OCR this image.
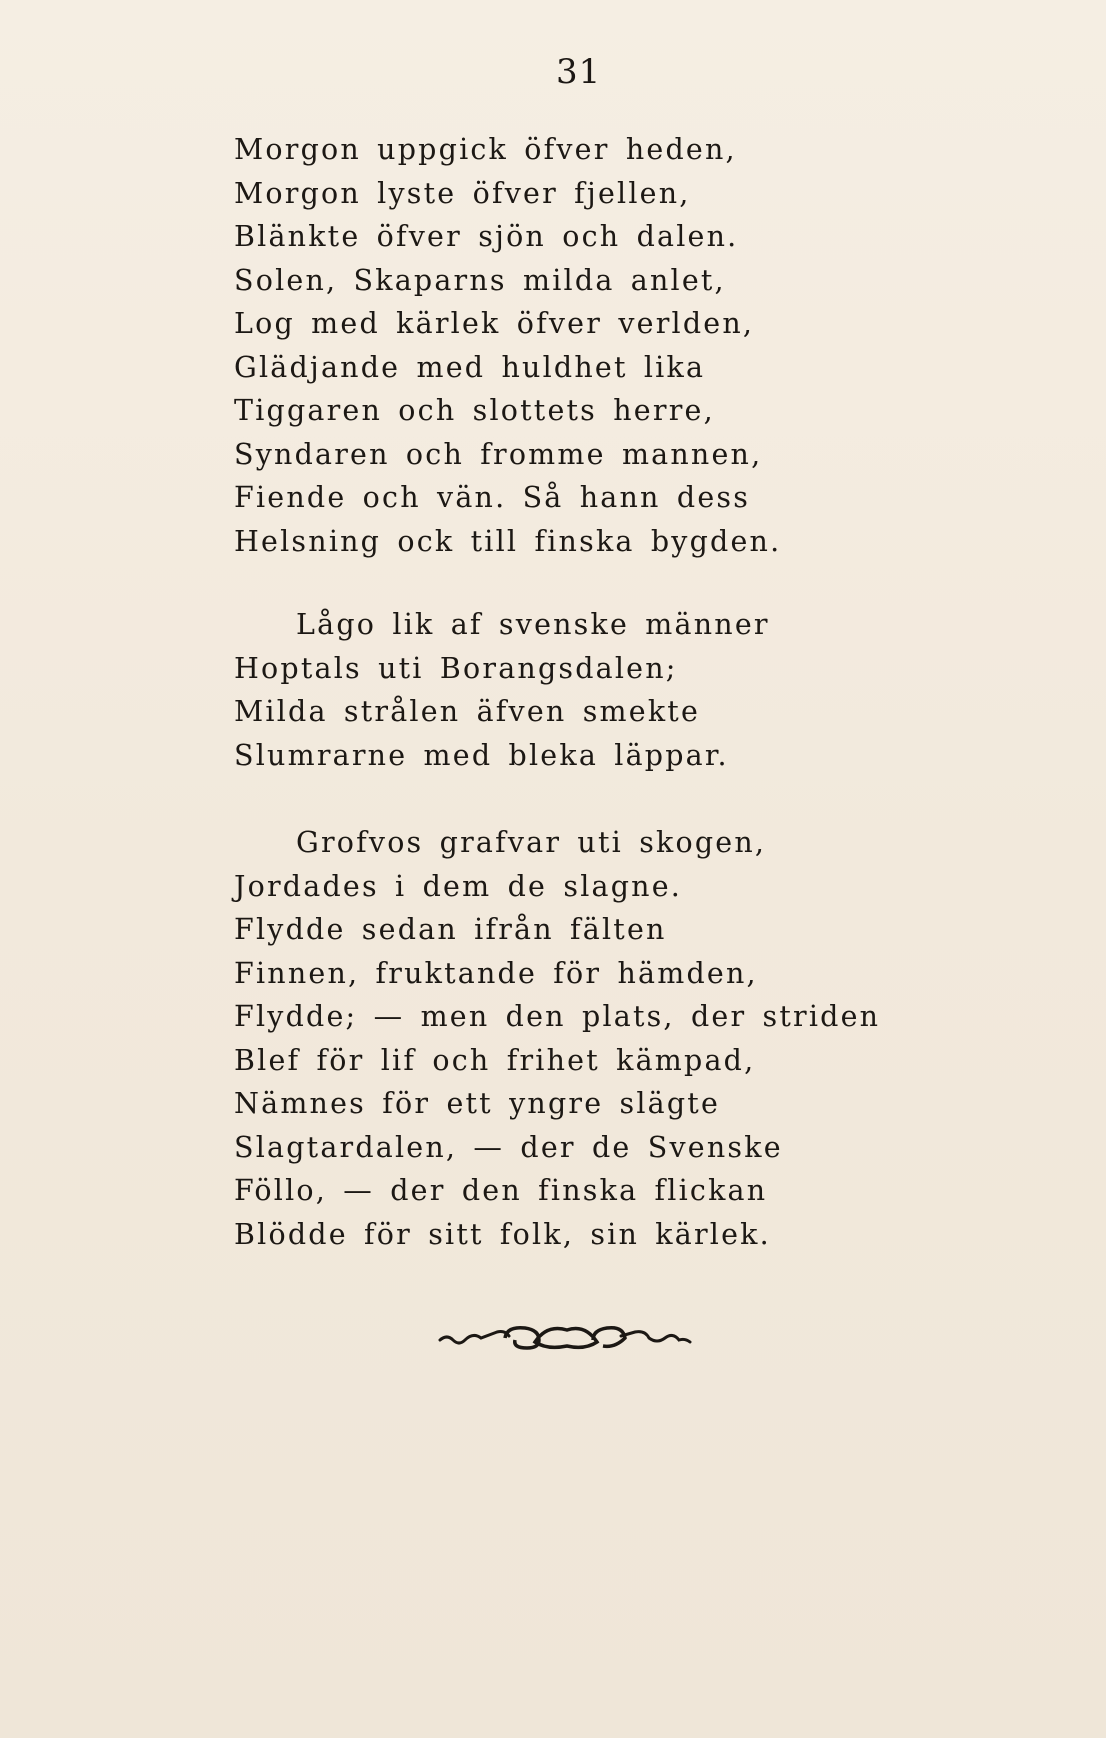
31
Morgon uppgick öfver heden,
Morgon lyste öfver fjellen,
Blänkte öfver sjön och dalen.
Solen, Skaparns milda anlet,
Log med kärlek öfver verlden,
Glädjande med huldhet lika
Tiggaren och slottets herre,
Syndaren och fromme mannen,
Fiende och vän. Så hann dess
Helsning ock till finska bygden.
Lågo lik af svenske männer
Hoptals uti Borangsdalen;
Milda strålen äfven smekte
Slumrarne med bleka läppar.
Grofvos grafvar uti skogen,
Jordades i dem de slagne.
Flydde sedan ifrån fälten
Finnen, fruktande för hämden,
Flydde; — men den plats, der striden
Blef för lif och frihet kämpad,
Nämnes för ett yngre slägte
Slagtardalen, — der de Svenske
Föllo, — der den finska flickan
Blödde för sitt folk, sin kärlek.
